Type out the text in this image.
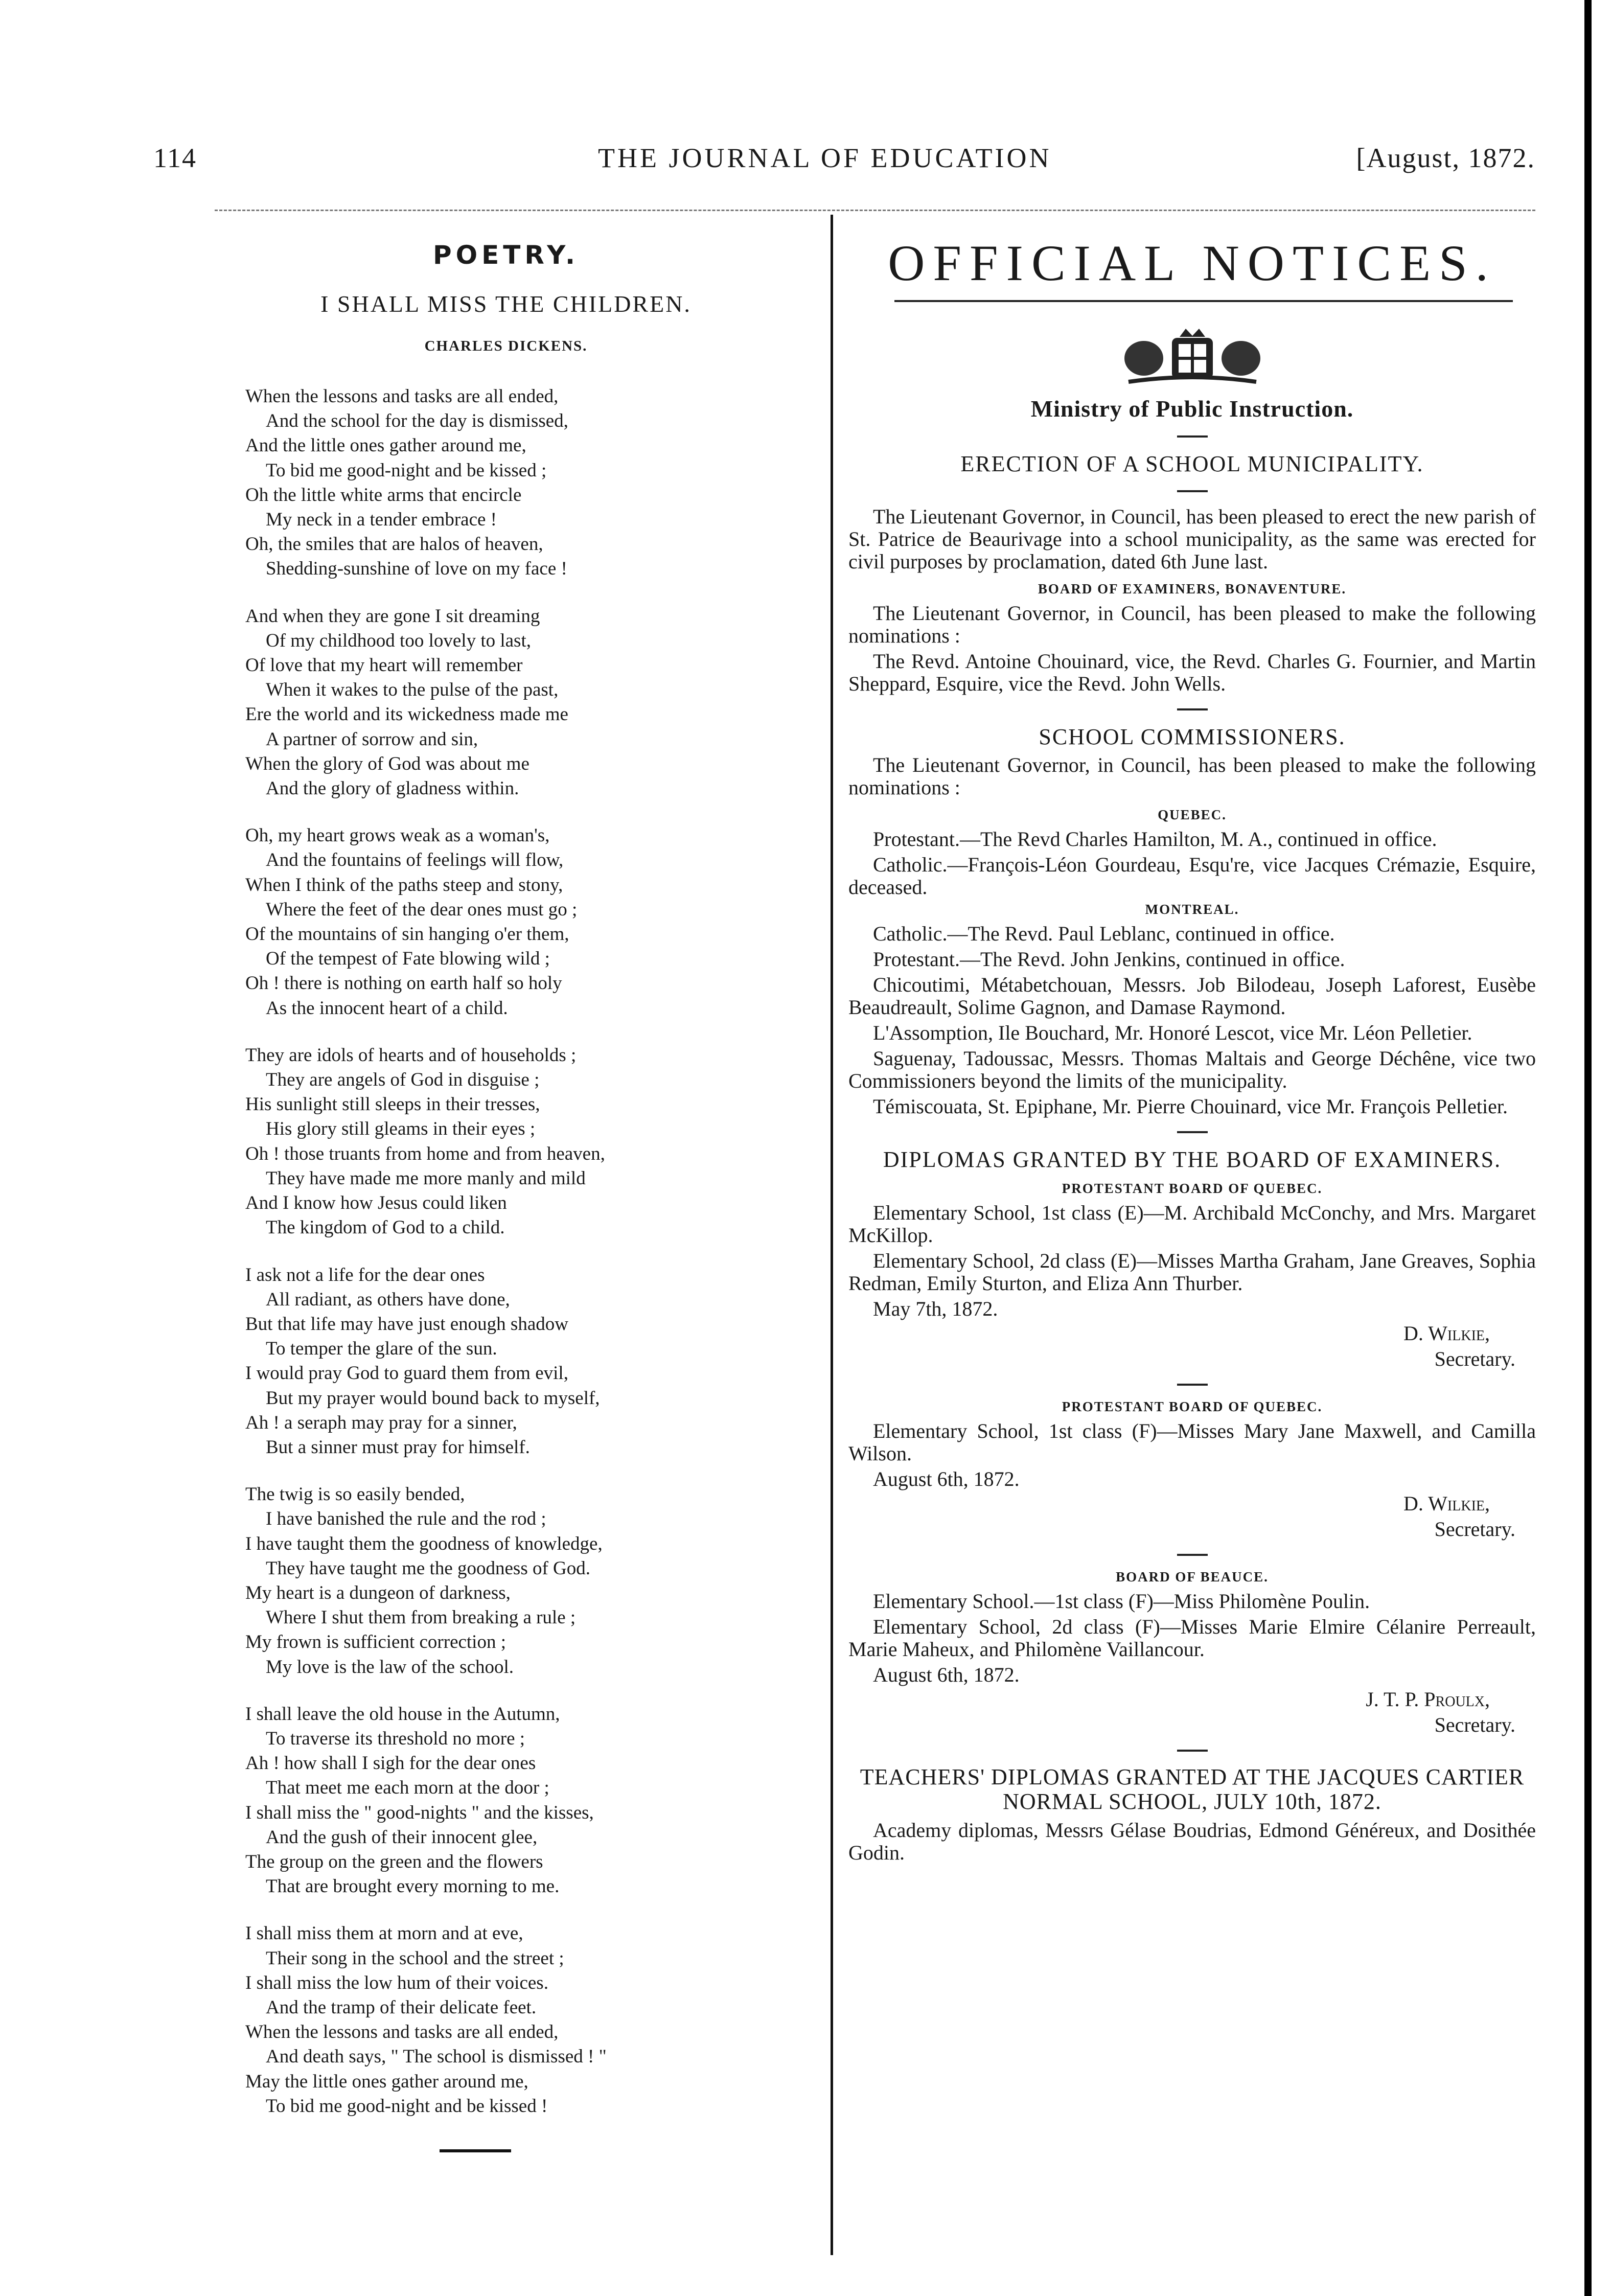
114	THE JOURNAL OF EDUCATION	[August, 1872.
POETRY.
I SHALL MISS THE CHILDREN.
CHARLES DICKENS.
When the lessons and tasks are all ended,
And the school for the day is dismissed,
And the little ones gather around me,
To bid me good-night and be kissed ;
Oh the little white arms that encircle
My neck in a tender embrace !
Oh, the smiles that are halos of heaven,
Shedding-sunshine of love on my face !
And when they are gone I sit dreaming
Of my childhood too lovely to last,
Of love that my heart will remember
When it wakes to the pulse of the past,
Ere the world and its wickedness made me
A partner of sorrow and sin,
When the glory of God was about me
And the glory of gladness within.
Oh, my heart grows weak as a woman's,
And the fountains of feelings will flow,
When I think of the paths steep and stony,
Where the feet of the dear ones must go ;
Of the mountains of sin hanging o'er them,
Of the tempest of Fate blowing wild ;
Oh ! there is nothing on earth half so holy
As the innocent heart of a child.
They are idols of hearts and of households ;
They are angels of God in disguise ;
His sunlight still sleeps in their tresses,
His glory still gleams in their eyes ;
Oh ! those truants from home and from heaven,
They have made me more manly and mild
And I know how Jesus could liken
The kingdom of God to a child.
I ask not a life for the dear ones
All radiant, as others have done,
But that life may have just enough shadow
To temper the glare of the sun.
I would pray God to guard them from evil,
But my prayer would bound back to myself,
Ah ! a seraph may pray for a sinner,
But a sinner must pray for himself.
The twig is so easily bended,
I have banished the rule and the rod ;
I have taught them the goodness of knowledge,
They have taught me the goodness of God.
My heart is a dungeon of darkness,
Where I shut them from breaking a rule ;
My frown is sufficient correction ;
My love is the law of the school.
I shall leave the old house in the Autumn,
To traverse its threshold no more ;
Ah ! how shall I sigh for the dear ones
That meet me each morn at the door ;
I shall miss the " good-nights " and the kisses,
And the gush of their innocent glee,
The group on the green and the flowers
That are brought every morning to me.
I shall miss them at morn and at eve,
Their song in the school and the street ;
I shall miss the low hum of their voices.
And the tramp of their delicate feet.
When the lessons and tasks are all ended,
And death says, " The school is dismissed ! "
May the little ones gather around me,
To bid me good-night and be kissed !
OFFICIAL NOTICES.
Ministry of Public Instruction.
ERECTION OF A SCHOOL MUNICIPALITY.

The Lieutenant Governor, in Council, has been pleased to erect the new parish of St. Patrice de Beaurivage into a school municipality, as the same was erected for civil purposes by proclamation, dated 6th June last.

BOARD OF EXAMINERS, BONAVENTURE.

The Lieutenant Governor, in Council, has been pleased to make the following nominations :

The Revd. Antoine Chouinard, vice, the Revd. Charles G. Fournier, and Martin Sheppard, Esquire, vice the Revd. John Wells.

SCHOOL COMMISSIONERS.

The Lieutenant Governor, in Council, has been pleased to make the following nominations :

QUEBEC.

Protestant.—The Revd Charles Hamilton, M. A., continued in office.

Catholic.—François-Léon Gourdeau, Esqu're, vice Jacques Crémazie, Esquire, deceased.

MONTREAL.

Catholic.—The Revd. Paul Leblanc, continued in office.

Protestant.—The Revd. John Jenkins, continued in office.

Chicoutimi, Métabetchouan, Messrs. Job Bilodeau, Joseph Laforest, Eusèbe Beaudreault, Solime Gagnon, and Damase Raymond.

L'Assomption, Ile Bouchard, Mr. Honoré Lescot, vice Mr. Léon Pelletier.

Saguenay, Tadoussac, Messrs. Thomas Maltais and George Déchêne, vice two Commissioners beyond the limits of the municipality.

Témiscouata, St. Epiphane, Mr. Pierre Chouinard, vice Mr. François Pelletier.

DIPLOMAS GRANTED BY THE BOARD OF EXAMINERS.
PROTESTANT BOARD OF QUEBEC.

Elementary School, 1st class (E)—M. Archibald McConchy, and Mrs. Margaret McKillop.

Elementary School, 2d class (E)—Misses Martha Graham, Jane Greaves, Sophia Redman, Emily Sturton, and Eliza Ann Thurber.

May 7th, 1872.

D. Wilkie,
Secretary.
PROTESTANT BOARD OF QUEBEC.

Elementary School, 1st class (F)—Misses Mary Jane Maxwell, and Camilla Wilson.

August 6th, 1872.

D. Wilkie,
Secretary.
BOARD OF BEAUCE.

Elementary School.—1st class (F)—Miss Philomène Poulin.

Elementary School, 2d class (F)—Misses Marie Elmire Célanire Perreault, Marie Maheux, and Philomène Vaillancour.

August 6th, 1872.

J. T. P. Proulx,
Secretary.
TEACHERS' DIPLOMAS GRANTED AT THE JACQUES CARTIER NORMAL SCHOOL, JULY 10th, 1872.

Academy diplomas, Messrs Gélase Boudrias, Edmond Généreux, and Dosithée Godin.
